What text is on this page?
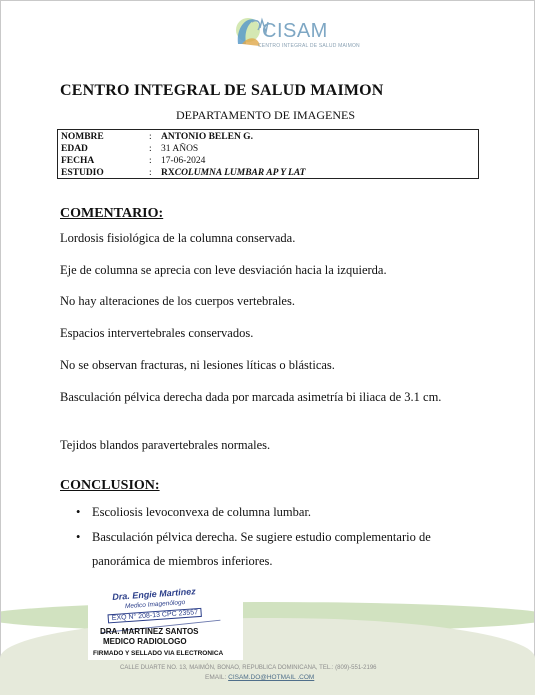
CISAM
CENTRO INTEGRAL DE SALUD MAIMON
CENTRO INTEGRAL DE SALUD MAIMON
DEPARTAMENTO DE IMAGENES
NOMBRE	: ANTONIO BELEN G.
EDAD	: 31 AÑOS
FECHA	: 17-06-2024
ESTUDIO	: RXCOLUMNA LUMBAR AP Y LAT
COMENTARIO:
Lordosis fisiológica de la columna conservada.
Eje de columna se aprecia con leve desviación hacia la izquierda.
No hay alteraciones de los cuerpos vertebrales.
Espacios intervertebrales conservados.
No se observan fracturas, ni lesiones líticas o blásticas.
Basculación pélvica derecha dada por marcada asimetría bi iliaca de 3.1 cm.
Tejidos blandos paravertebrales normales.
CONCLUSION:
• Escoliosis levoconvexa de columna lumbar.
• Basculación pélvica derecha. Se sugiere estudio complementario de panorámica de miembros inferiores.
Dra. Engie Martinez
Medico Imagenólogo
EXQ N° 208-13 CPC 23557
DRA. MARTINEZ SANTOS
MEDICO RADIOLOGO
FIRMADO Y SELLADO VIA ELECTRONICA
CALLE DUARTE NO. 13, MAIMÓN, BONAO, REPUBLICA DOMINICANA, TEL.: (809)-551-2196
EMAIL: CISAM.DO@HOTMAIL .COM
